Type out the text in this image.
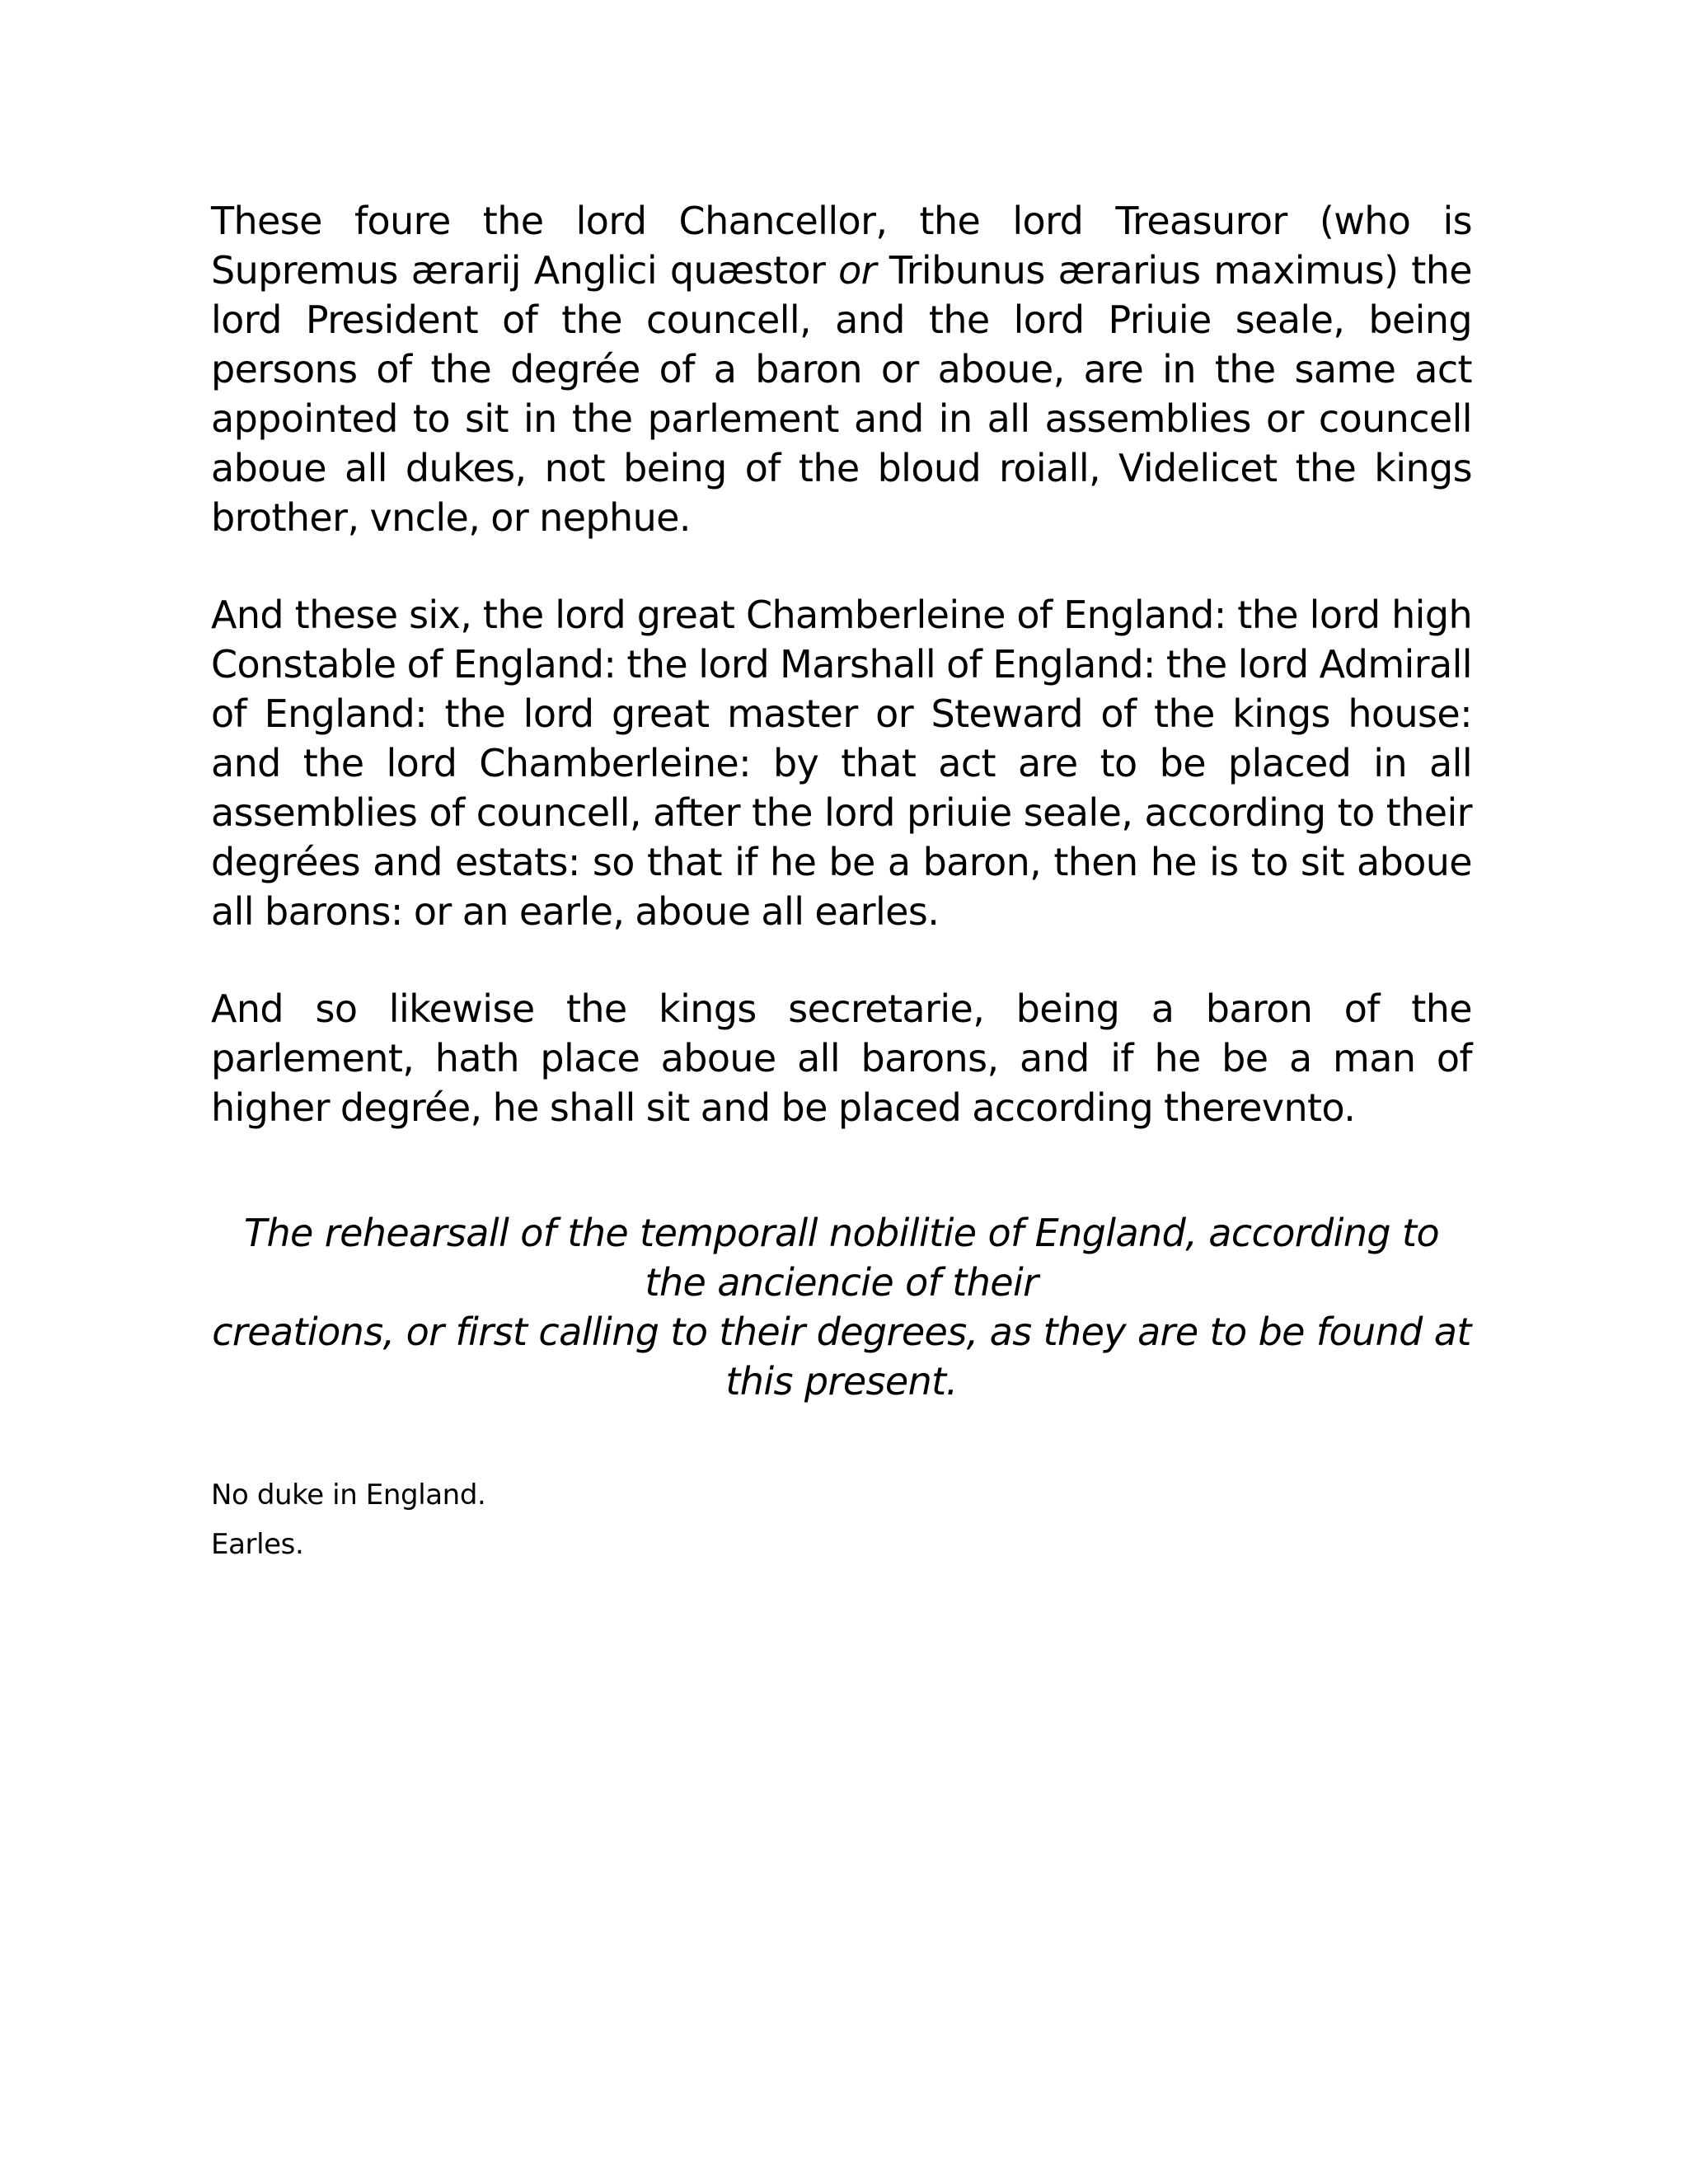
These foure the lord Chancellor, the lord Treasuror (who is Supremus ærarij Anglici quæstor or Tribunus ærarius maximus) the lord President of the councell, and the lord Priuie seale, being persons of the degrée of a baron or aboue, are in the same act appointed to sit in the parlement and in all assemblies or councell aboue all dukes, not being of the bloud roiall, Videlicet the kings brother, vncle, or nephue.

And these six, the lord great Chamberleine of England: the lord high Constable of England: the lord Marshall of England: the lord Admirall of England: the lord great master or Steward of the kings house: and the lord Chamberleine: by that act are to be placed in all assemblies of councell, after the lord priuie seale, according to their degrées and estats: so that if he be a baron, then he is to sit aboue all barons: or an earle, aboue all earles.

And so likewise the kings secretarie, being a baron of the parlement, hath place aboue all barons, and if he be a man of higher degrée, he shall sit and be placed according therevnto.

The rehearsall of the temporall nobilitie of England, according to the anciencie of their
creations, or first calling to their degrees, as they are to be found at this present.

No duke in England.

Earles.
